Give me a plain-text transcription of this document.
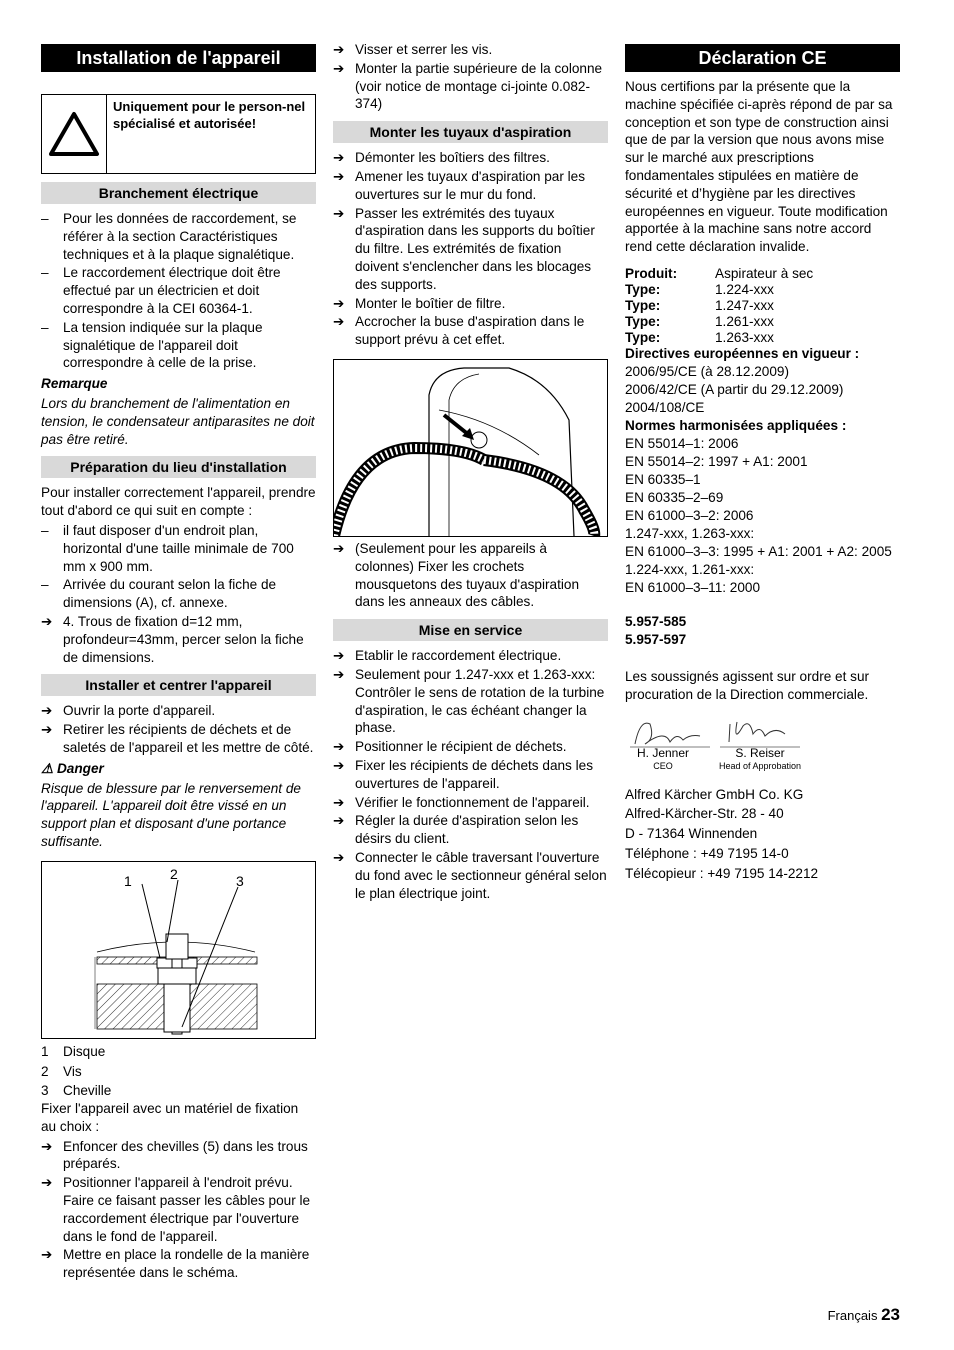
Installation de l'appareil
Uniquement pour le person-nel spécialisé et autorisée!
Branchement électrique
–	Pour les données de raccordement, se référer à la section Caractéristiques techniques et à la plaque signalétique.
–	Le raccordement électrique doit être effectué par un électricien et doit correspondre à la CEI 60364-1.
–	La tension indiquée sur la plaque signalétique de l'appareil doit correspondre à celle de la prise.

Remarque

Lors du branchement de l'alimentation en tension, le condensateur antiparasites ne doit pas être retiré.

Préparation du lieu d'installation

Pour installer correctement l'appareil, prendre tout d'abord ce qui suit en compte :

–	il faut disposer d'un endroit plan, horizontal d'une taille minimale de 700 mm x 900 mm.
–	Arrivée du courant selon la fiche de dimensions (A), cf. annexe.
➔ 4. Trous de fixation d=12 mm, profondeur=43mm, percer selon la fiche de dimensions.
Installer et centrer l'appareil
➔ Ouvrir la porte d'appareil.
➔ Retirer les récipients de déchets et de saletés de l'appareil et les mettre de côté.

⚠ Danger

Risque de blessure par le renversement de l'appareil. L'appareil doit être vissé en un support plan et disposant d'une portance suffisante.

1	2	3
1	Disque
2	Vis
3	Cheville

Fixer l'appareil avec un matériel de fixation au choix :

➔ Enfoncer des chevilles (5) dans les trous préparés.
➔ Positionner l'appareil à l'endroit prévu. Faire ce faisant passer les câbles pour le raccordement électrique par l'ouverture dans le fond de l'appareil.
➔ Mettre en place la rondelle de la manière représentée dans le schéma.
➔ Visser et serrer les vis.
➔ Monter la partie supérieure de la colonne (voir notice de montage ci-jointe 0.082-374)
Monter les tuyaux d'aspiration
➔ Démonter les boîtiers des filtres.
➔ Amener les tuyaux d'aspiration par les ouvertures sur le mur du fond.
➔ Passer les extrémités des tuyaux d'aspiration dans les supports du boîtier du filtre. Les extrémités de fixation doivent s'enclencher dans les blocages des supports.
➔ Monter le boîtier de filtre.
➔ Accrocher la buse d'aspiration dans le support prévu à cet effet.
➔ (Seulement pour les appareils à colonnes) Fixer les crochets mousquetons des tuyaux d'aspiration dans les anneaux des câbles.
Mise en service
➔ Etablir le raccordement électrique.
➔ Seulement pour 1.247-xxx et 1.263-xxx: Contrôler le sens de rotation de la turbine d'aspiration, le cas échéant changer la phase.
➔ Positionner le récipient de déchets.
➔ Fixer les récipients de déchets dans les ouvertures de l'appareil.
➔ Vérifier le fonctionnement de l'appareil.
➔ Régler la durée d'aspiration selon les désirs du client.
➔ Connecter le câble traversant l'ouverture du fond avec le sectionneur général selon le plan électrique joint.
Déclaration CE

Nous certifions par la présente que la machine spécifiée ci-après répond de par sa conception et son type de construction ainsi que de par la version que nous avons mise sur le marché aux prescriptions fondamentales stipulées en matière de sécurité et d’hygiène par les directives européennes en vigueur. Toute modification apportée à la machine sans notre accord rend cette déclaration invalide.

Produit:	Aspirateur à sec
Type:	1.224-xxx
Type:	1.247-xxx
Type:	1.261-xxx
Type:	1.263-xxx

Directives européennes en vigueur :

2006/95/CE (à 28.12.2009)

2006/42/CE (A partir du 29.12.2009)

2004/108/CE

Normes harmonisées appliquées :

EN 55014–1: 2006

EN 55014–2: 1997 + A1: 2001

EN 60335–1

EN 60335–2–69

EN 61000–3–2: 2006

1.247-xxx, 1.263-xxx:

EN 61000–3–3: 1995 + A1: 2001 + A2: 2005

1.224-xxx, 1.261-xxx:

EN 61000–3–11: 2000

5.957-585

5.957-597

Les soussignés agissent sur ordre et sur procuration de la Direction commerciale.

H. Jenner
CEO
S. Reiser
Head of Approbation

Alfred Kärcher GmbH Co. KG

Alfred-Kärcher-Str. 28 - 40

D - 71364 Winnenden

Téléphone : +49 7195 14-0

Télécopieur : +49 7195 14-2212

Français 23
